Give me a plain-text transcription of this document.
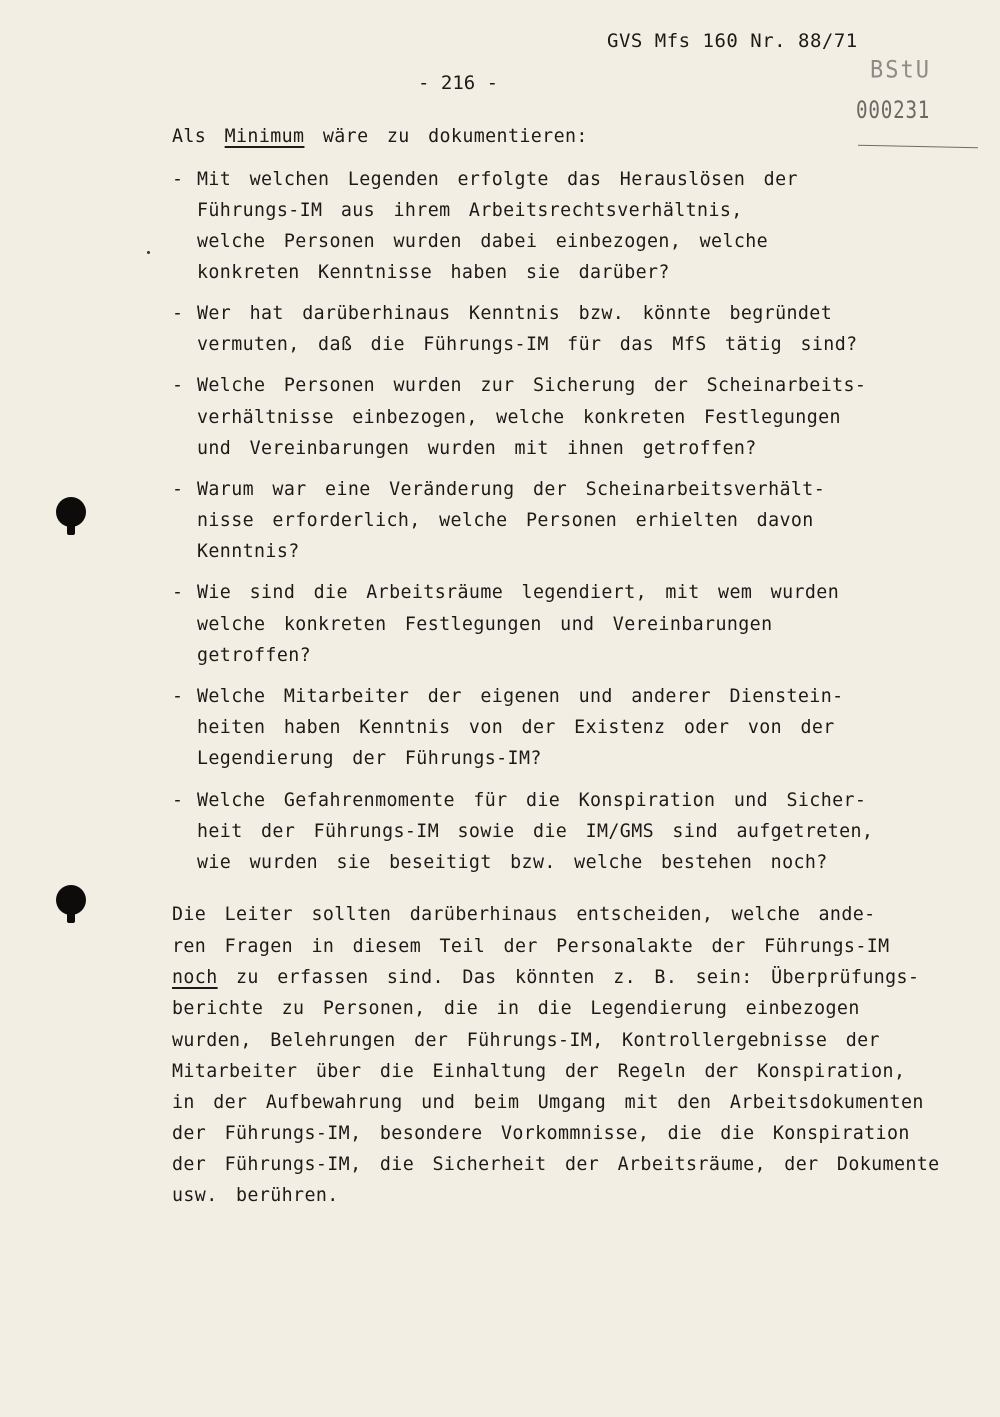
GVS Mfs 160 Nr. 88/71
- 216 -	BStU
000231
Als Minimum wäre zu dokumentieren:
- Mit welchen Legenden erfolgte das Herauslösen der
Führungs-IM aus ihrem Arbeitsrechtsverhältnis,
welche Personen wurden dabei einbezogen, welche
konkreten Kenntnisse haben sie darüber?
- Wer hat darüberhinaus Kenntnis bzw. könnte begründet
vermuten, daß die Führungs-IM für das MfS tätig sind?
- Welche Personen wurden zur Sicherung der Scheinarbeits-
verhältnisse einbezogen, welche konkreten Festlegungen
und Vereinbarungen wurden mit ihnen getroffen?
- Warum war eine Veränderung der Scheinarbeitsverhält-
nisse erforderlich, welche Personen erhielten davon
Kenntnis?
- Wie sind die Arbeitsräume legendiert, mit wem wurden
welche konkreten Festlegungen und Vereinbarungen
getroffen?
- Welche Mitarbeiter der eigenen und anderer Dienstein-
heiten haben Kenntnis von der Existenz oder von der
Legendierung der Führungs-IM?
- Welche Gefahrenmomente für die Konspiration und Sicher-
heit der Führungs-IM sowie die IM/GMS sind aufgetreten,
wie wurden sie beseitigt bzw. welche bestehen noch?
Die Leiter sollten darüberhinaus entscheiden, welche ande-
ren Fragen in diesem Teil der Personalakte der Führungs-IM
noch zu erfassen sind. Das könnten z. B. sein: Überprüfungs-
berichte zu Personen, die in die Legendierung einbezogen
wurden, Belehrungen der Führungs-IM, Kontrollergebnisse der
Mitarbeiter über die Einhaltung der Regeln der Konspiration,
in der Aufbewahrung und beim Umgang mit den Arbeitsdokumenten
der Führungs-IM, besondere Vorkommnisse, die die Konspiration
der Führungs-IM, die Sicherheit der Arbeitsräume, der Dokumente
usw. berühren.
